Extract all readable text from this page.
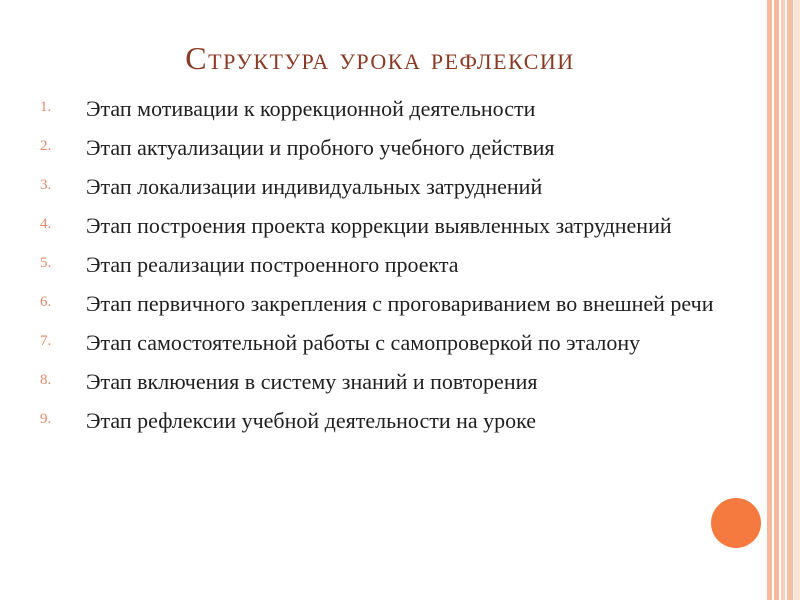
Структура урока рефлексии
1.	Этап мотивации к коррекционной деятельности
2.	Этап актуализации и пробного учебного действия
3.	Этап локализации индивидуальных затруднений
4.	Этап построения проекта коррекции выявленных затруднений
5.	Этап реализации построенного проекта
6.	Этап первичного закрепления с проговариванием во внешней речи
7.	Этап самостоятельной работы с самопроверкой по эталону
8.	Этап включения в систему знаний и повторения
9.	Этап рефлексии учебной деятельности на уроке
